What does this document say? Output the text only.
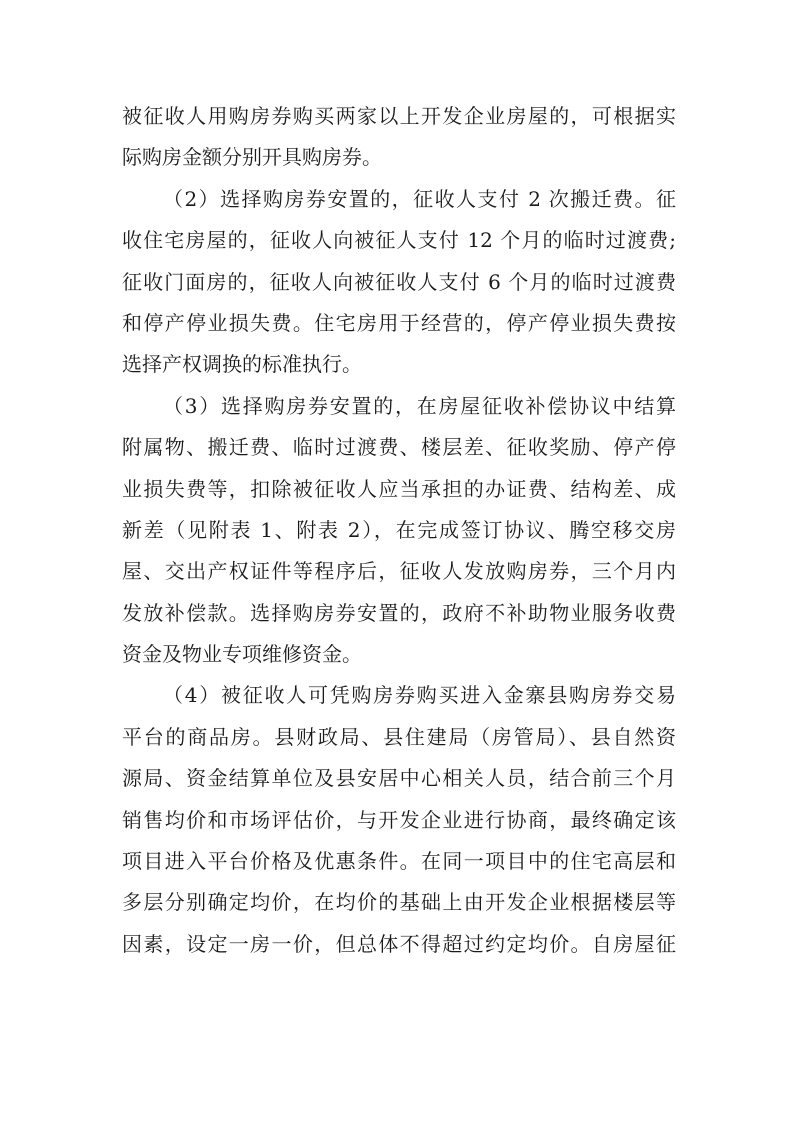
被征收人用购房券购买两家以上开发企业房屋的，可根据实
际购房金额分别开具购房券。
（2）选择购房券安置的，征收人支付 2 次搬迁费。征
收住宅房屋的，征收人向被征人支付 12 个月的临时过渡费;
征收门面房的，征收人向被征收人支付 6 个月的临时过渡费
和停产停业损失费。住宅房用于经营的，停产停业损失费按
选择产权调换的标准执行。
（3）选择购房券安置的，在房屋征收补偿协议中结算
附属物、搬迁费、临时过渡费、楼层差、征收奖励、停产停
业损失费等，扣除被征收人应当承担的办证费、结构差、成
新差（见附表 1、附表 2），在完成签订协议、腾空移交房
屋、交出产权证件等程序后，征收人发放购房券，三个月内
发放补偿款。选择购房券安置的，政府不补助物业服务收费
资金及物业专项维修资金。
（4）被征收人可凭购房券购买进入金寨县购房券交易
平台的商品房。县财政局、县住建局（房管局）、县自然资
源局、资金结算单位及县安居中心相关人员，结合前三个月
销售均价和市场评估价，与开发企业进行协商，最终确定该
项目进入平台价格及优惠条件。在同一项目中的住宅高层和
多层分别确定均价，在均价的基础上由开发企业根据楼层等
因素，设定一房一价，但总体不得超过约定均价。自房屋征
